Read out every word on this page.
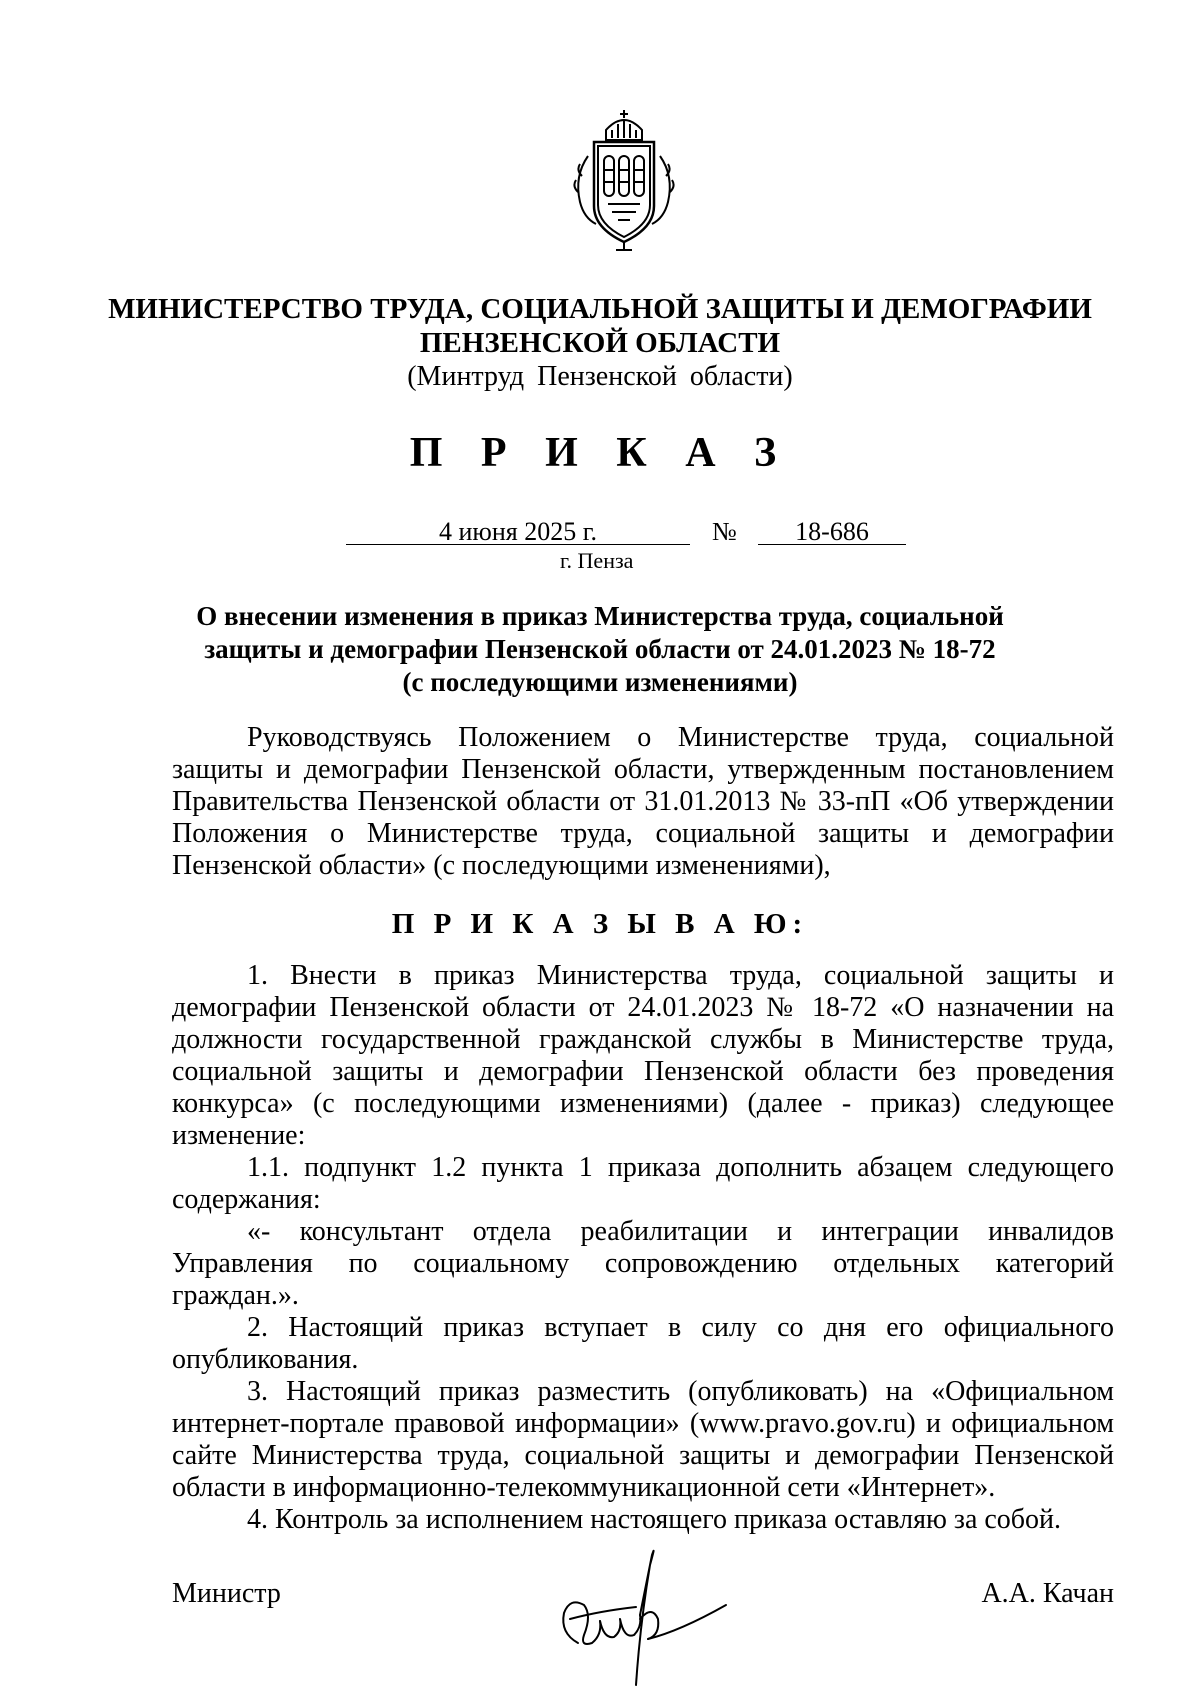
МИНИСТЕРСТВО ТРУДА, СОЦИАЛЬНОЙ ЗАЩИТЫ И ДЕМОГРАФИИ
ПЕНЗЕНСКОЙ ОБЛАСТИ
(Минтруд Пензенской области)
П Р И К А З
4 июня 2025 г.	№	18-686
г. Пенза
О внесении изменения в приказ Министерства труда, социальной
защиты и демографии Пензенской области от 24.01.2023 № 18-72
(с последующими изменениями)
Руководствуясь Положением о Министерстве труда, социальной
защиты и демографии Пензенской области, утвержденным постановлением
Правительства Пензенской области от 31.01.2013 № 33-пП «Об утверждении
Положения о Министерстве труда, социальной защиты и демографии
Пензенской области» (с последующими изменениями),
П Р И К А З Ы В А Ю:
1. Внести в приказ Министерства труда, социальной защиты и
демографии Пензенской области от 24.01.2023 № 18-72 «О назначении на
должности государственной гражданской службы в Министерстве труда,
социальной защиты и демографии Пензенской области без проведения
конкурса» (с последующими изменениями) (далее - приказ) следующее
изменение:
1.1. подпункт 1.2 пункта 1 приказа дополнить абзацем следующего
содержания:
«- консультант отдела реабилитации и интеграции инвалидов
Управления по социальному сопровождению отдельных категорий
граждан.».
2. Настоящий приказ вступает в силу со дня его официального
опубликования.
3. Настоящий приказ разместить (опубликовать) на «Официальном
интернет-портале правовой информации» (www.pravo.gov.ru) и официальном
сайте Министерства труда, социальной защиты и демографии Пензенской
области в информационно-телекоммуникационной сети «Интернет».
4. Контроль за исполнением настоящего приказа оставляю за собой.
Министр	А.А. Качан
